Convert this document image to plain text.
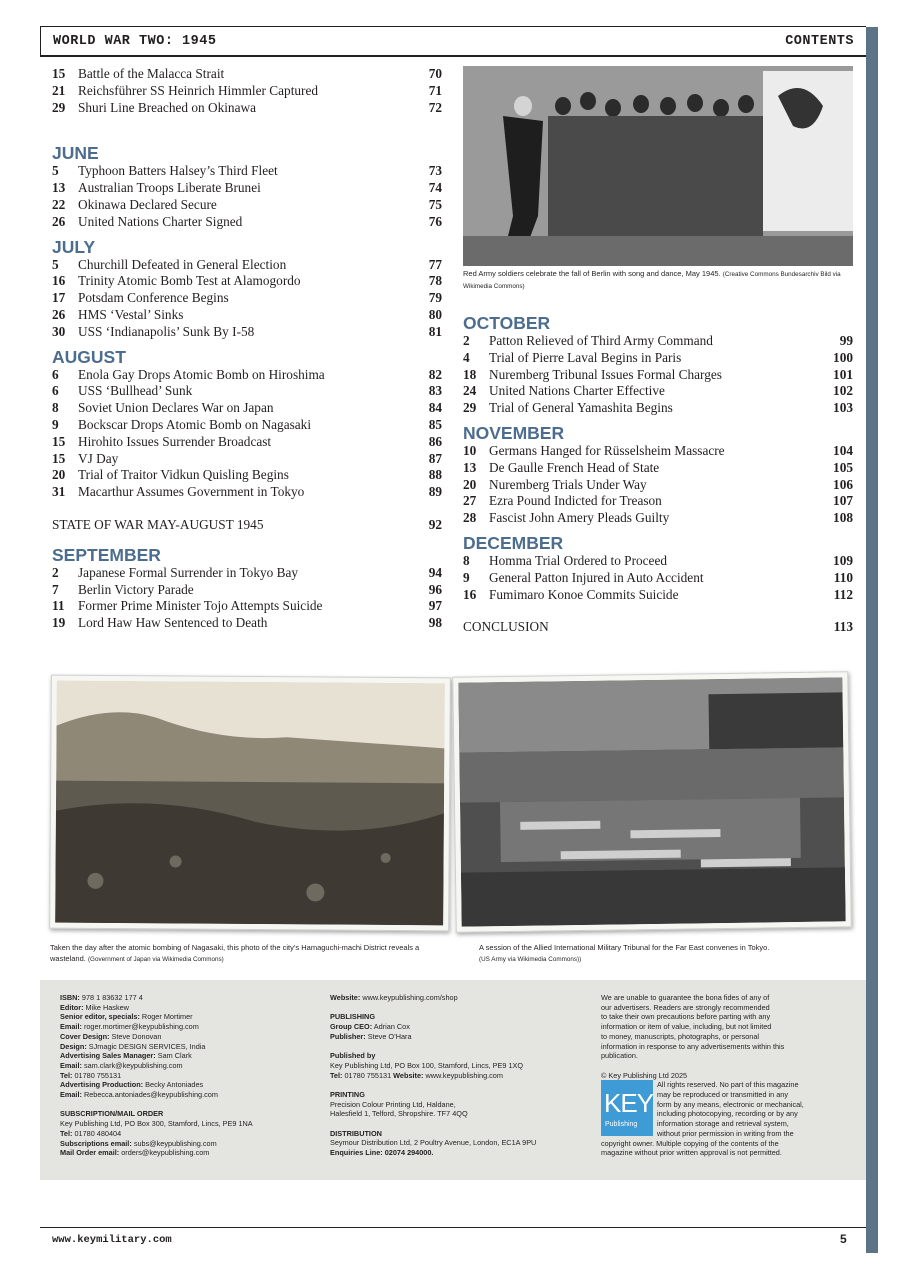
WORLD WAR TWO: 1945	CONTENTS
15 Battle of the Malacca Strait	70
21 Reichsführer SS Heinrich Himmler Captured	71
29 Shuri Line Breached on Okinawa	72
JUNE
5	Typhoon Batters Halsey’s Third Fleet	73
13 Australian Troops Liberate Brunei	74
22 Okinawa Declared Secure	75
26 United Nations Charter Signed	76
JULY
5	Churchill Defeated in General Election	77
16 Trinity Atomic Bomb Test at Alamogordo	78
17 Potsdam Conference Begins	79
26 HMS ‘Vestal’ Sinks	80
30 USS ‘Indianapolis’ Sunk By I-58	81
AUGUST
6	Enola Gay Drops Atomic Bomb on Hiroshima	82
6	USS ‘Bullhead’ Sunk	83
8	Soviet Union Declares War on Japan	84
9	Bockscar Drops Atomic Bomb on Nagasaki	85
15 Hirohito Issues Surrender Broadcast	86
15 VJ Day	87
20 Trial of Traitor Vidkun Quisling Begins	88
31 Macarthur Assumes Government in Tokyo	89
STATE OF WAR MAY-AUGUST 1945	92
SEPTEMBER
2	Japanese Formal Surrender in Tokyo Bay	94
7	Berlin Victory Parade	96
11	Former Prime Minister Tojo Attempts Suicide	97
19 Lord Haw Haw Sentenced to Death	98
Red Army soldiers celebrate the fall of Berlin with song and dance, May 1945. (Creative Commons Bundesarchiv Bild via Wikimedia Commons)
OCTOBER
2	Patton Relieved of Third Army Command	99
4	Trial of Pierre Laval Begins in Paris	100
18 Nuremberg Tribunal Issues Formal Charges	101
24 United Nations Charter Effective	102
29 Trial of General Yamashita Begins	103
NOVEMBER
10 Germans Hanged for Rüsselsheim Massacre	104
13 De Gaulle French Head of State	105
20 Nuremberg Trials Under Way	106
27 Ezra Pound Indicted for Treason	107
28 Fascist John Amery Pleads Guilty	108
DECEMBER
8	Homma Trial Ordered to Proceed	109
9	General Patton Injured in Auto Accident	110
16 Fumimaro Konoe Commits Suicide	112
CONCLUSION	113
Taken the day after the atomic bombing of Nagasaki, this photo of the city’s Hamaguchi-machi District reveals a wasteland. (Government of Japan via Wikimedia Commons)
A session of the Allied International Military Tribunal for the Far East convenes in Tokyo.
(US Army via Wikimedia Commons))
ISBN: 978 1 83632 177 4
Editor: Mike Haskew
Senior editor, specials: Roger Mortimer
Email: roger.mortimer@keypublishing.com
Cover Design: Steve Donovan
Design: SJmagic DESIGN SERVICES, India
Advertising Sales Manager: Sam Clark
Email: sam.clark@keypublishing.com
Tel: 01780 755131
Advertising Production: Becky Antoniades
Email: Rebecca.antoniades@keypublishing.com
SUBSCRIPTION/MAIL ORDER
Key Publishing Ltd, PO Box 300, Stamford, Lincs, PE9 1NA
Tel: 01780 480404
Subscriptions email: subs@keypublishing.com
Mail Order email: orders@keypublishing.com
Website: www.keypublishing.com/shop
PUBLISHING
Group CEO: Adrian Cox
Publisher: Steve O’Hara
Published by
Key Publishing Ltd, PO Box 100, Stamford, Lincs, PE9 1XQ
Tel: 01780 755131 Website: www.keypublishing.com
PRINTING
Precision Colour Printing Ltd, Haldane,
Halesfield 1, Telford, Shropshire. TF7 4QQ
DISTRIBUTION
Seymour Distribution Ltd, 2 Poultry Avenue, London, EC1A 9PU
Enquiries Line: 02074 294000.
We are unable to guarantee the bona fides of any of
our advertisers. Readers are strongly recommended
to take their own precautions before parting with any
information or item of value, including, but not limited
to money, manuscripts, photographs, or personal
information in response to any advertisements within this
publication.
© Key Publishing Ltd 2025
KEY
Publishing
All rights reserved. No part of this magazine
may be reproduced or transmitted in any
form by any means, electronic or mechanical,
including photocopying, recording or by any
information storage and retrieval system,
without prior permission in writing from the
copyright owner. Multiple copying of the contents of the
magazine without prior written approval is not permitted.
www.keymilitary.com	5
